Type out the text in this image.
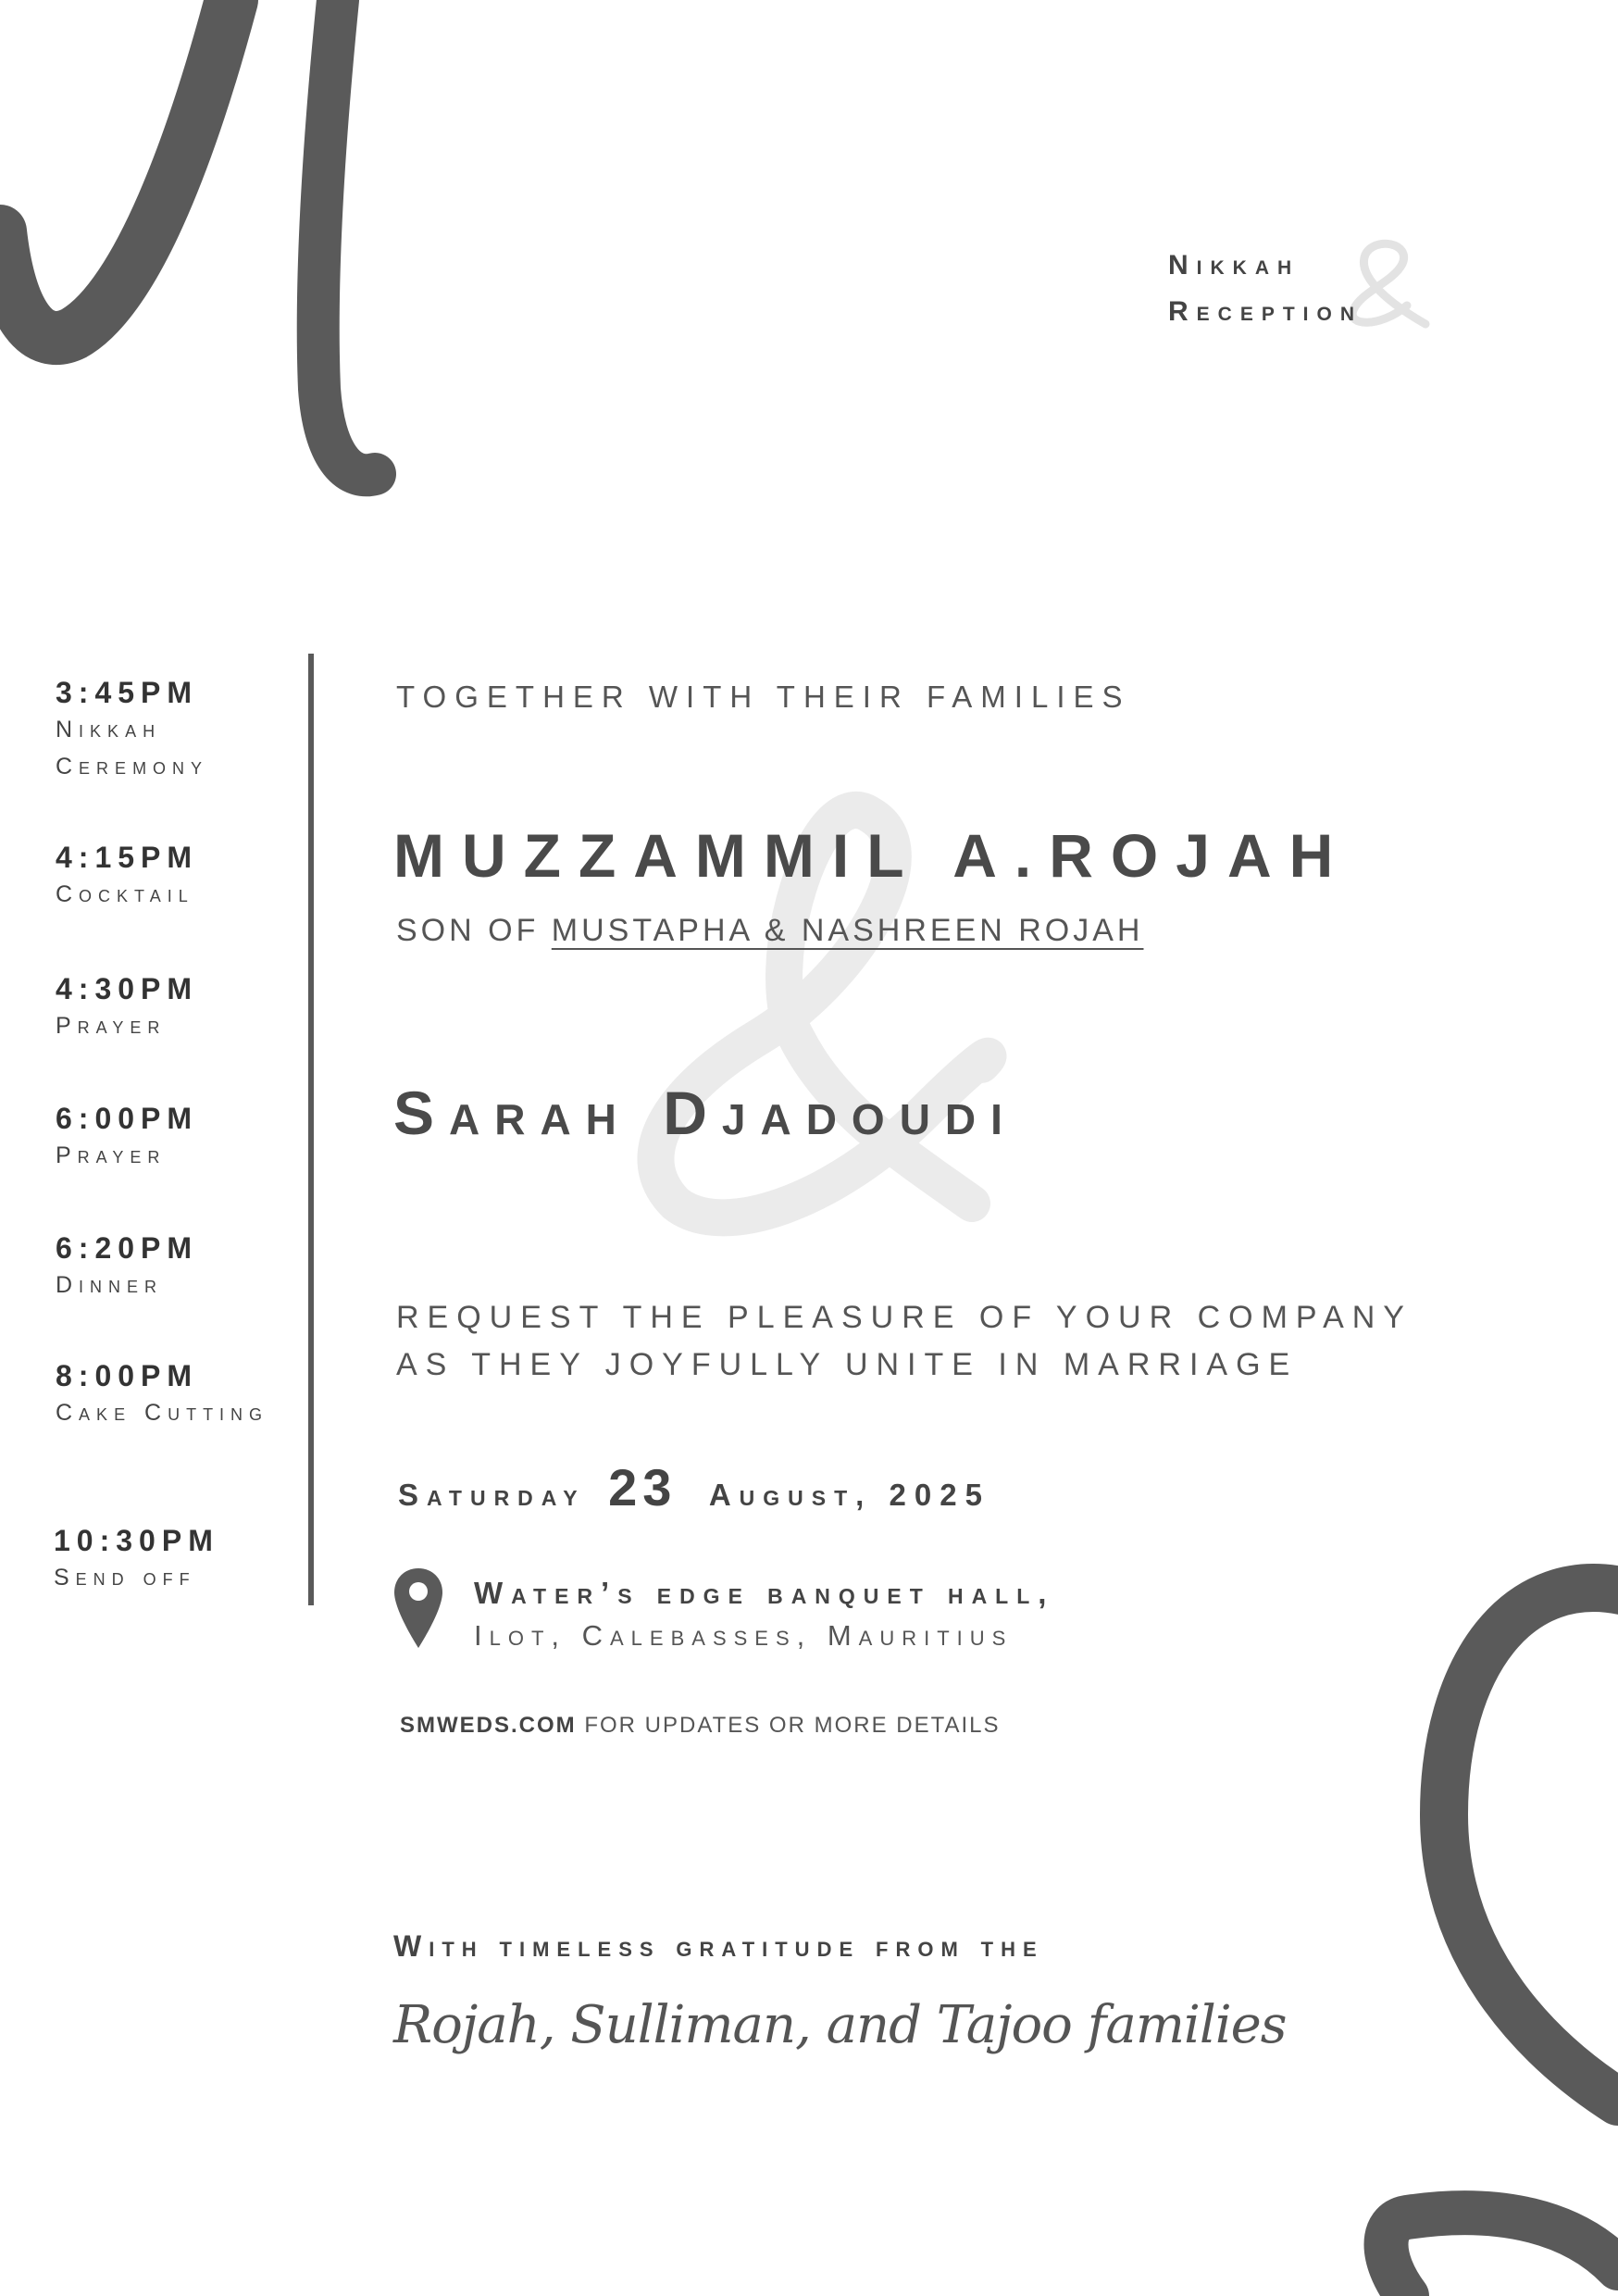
Nikkah
Reception
3:45PM
Nikkah Ceremony
4:15PM
Cocktail
4:30PM
Prayer
6:00PM
Prayer
6:20PM
Dinner
8:00PM
Cake Cutting
10:30PM
Send off
TOGETHER WITH THEIR FAMILIES
MUZZAMMIL A.ROJAH
SON OF MUSTAPHA & NASHREEN ROJAH
Sarah Djadoudi
REQUEST THE PLEASURE OF YOUR COMPANY
AS THEY JOYFULLY UNITE IN MARRIAGE
Saturday 23 August, 2025
Water’s edge banquet hall,
Ilot, Calebasses, Mauritius
SMWEDS.COM FOR UPDATES OR MORE DETAILS
With timeless gratitude from the
Rojah, Sulliman, and Tajoo families
